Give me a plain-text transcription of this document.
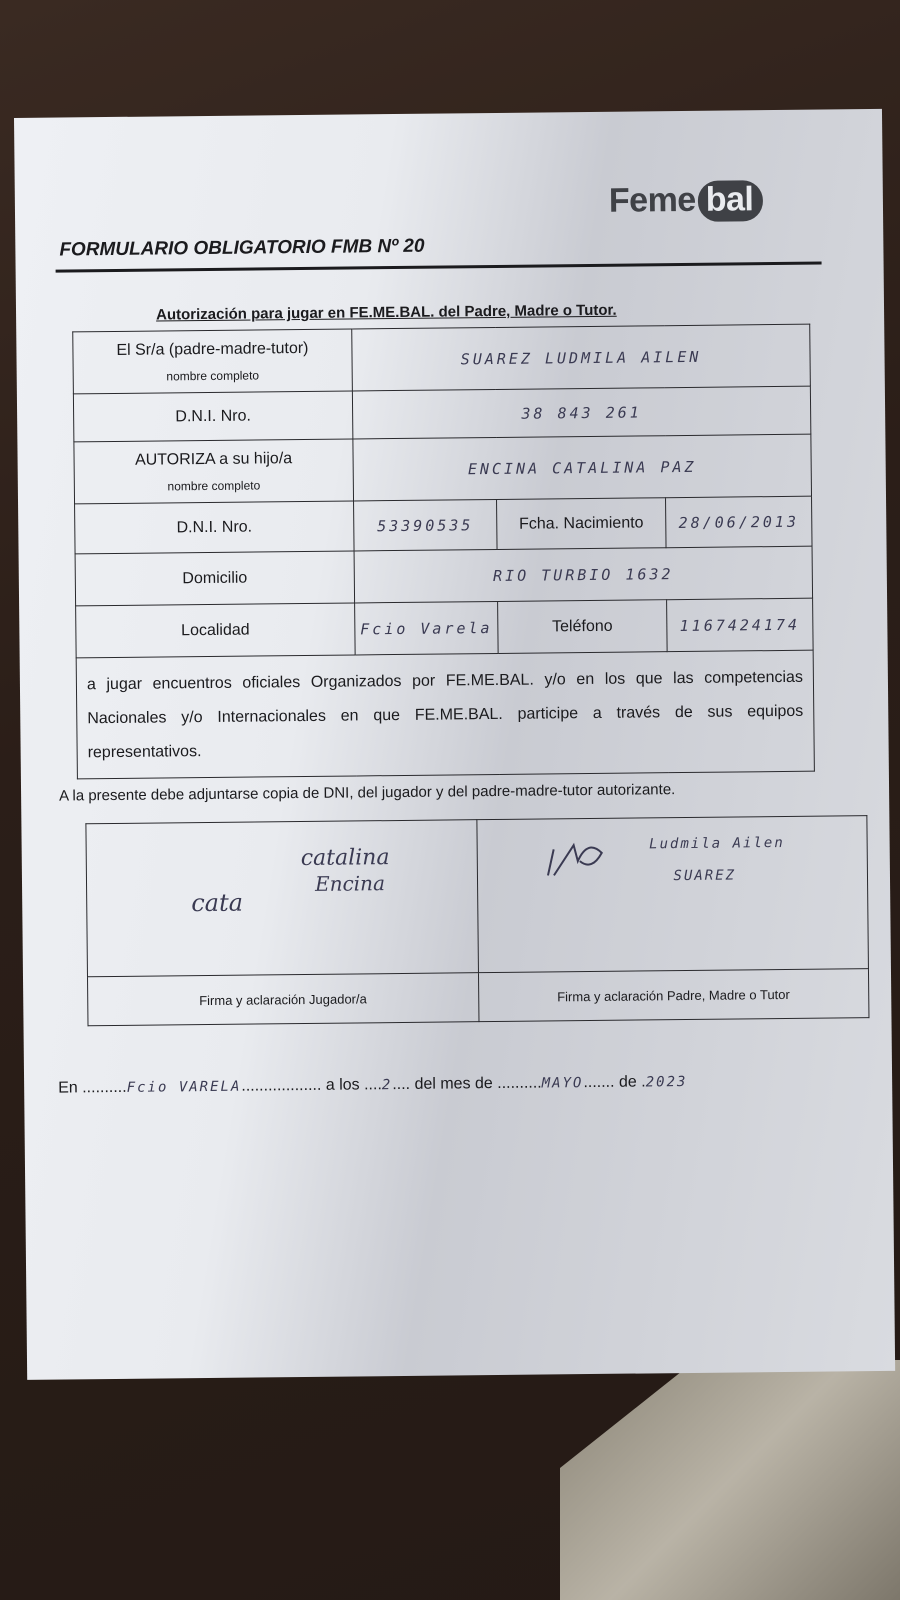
Feme bal
FORMULARIO OBLIGATORIO FMB Nº 20
Autorización para jugar en FE.ME.BAL. del Padre, Madre o Tutor.
El Sr/a (padre-madre-tutor)
nombre completo	SUAREZ LUDMILA AILEN		
D.N.I. Nro.	38 843 261		
AUTORIZA a su hijo/a
nombre completo	ENCINA CATALINA PAZ		
D.N.I. Nro.	53390535	Fcha. Nacimiento	28/06/2013
Domicilio	RIO TURBIO 1632		
Localidad	Fcio Varela	Teléfono	1167424174
a jugar encuentros oficiales Organizados por FE.ME.BAL. y/o en los que las competencias Nacionales y/o Internacionales en que FE.ME.BAL. participe a través de sus equipos representativos.			
A la presente debe adjuntarse copia de DNI, del jugador y del padre-madre-tutor autorizante.
catalina
Encina
cata	Ludmila Ailen
SUAREZ

Firma y aclaración Jugador/a	Firma y aclaración Padre, Madre o Tutor
En ..........Fcio VARELA.................. a los ....2.... del mes de ..........MAYO....... de .2023
